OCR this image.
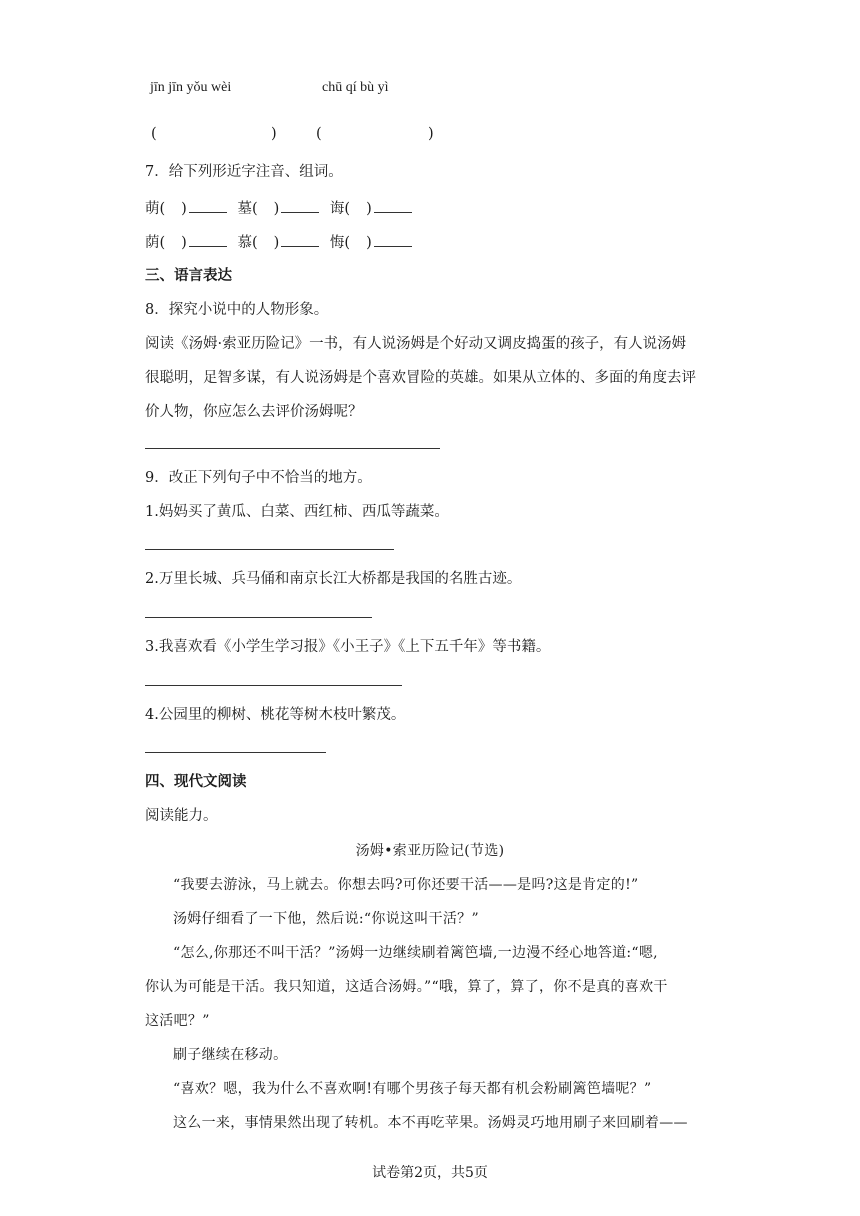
jīn jīn yǒu wèi	chū qí bù yì
(	)	(	)
7．给下列形近字注音、组词。
萌( )	墓( )	诲( )
荫( )	慕( )	悔( )
三、语言表达
8．探究小说中的人物形象。
阅读《汤姆·索亚历险记》一书，有人说汤姆是个好动又调皮捣蛋的孩子，有人说汤姆
很聪明，足智多谋，有人说汤姆是个喜欢冒险的英雄。如果从立体的、多面的角度去评
价人物，你应怎么去评价汤姆呢？
9．改正下列句子中不恰当的地方。
1.妈妈买了黄瓜、白菜、西红柿、西瓜等蔬菜。
2.万里长城、兵马俑和南京长江大桥都是我国的名胜古迹。
3.我喜欢看《小学生学习报》《小王子》《上下五千年》等书籍。
4.公园里的柳树、桃花等树木枝叶繁茂。
四、现代文阅读
阅读能力。
汤姆•索亚历险记(节选)
“我要去游泳，马上就去。你想去吗?可你还要干活——是吗?这是肯定的!”
汤姆仔细看了一下他，然后说:“你说这叫干活？”
“怎么,你那还不叫干活？”汤姆一边继续刷着篱笆墙,一边漫不经心地答道:“嗯,
你认为可能是干活。我只知道，这适合汤姆。”“哦，算了，算了，你不是真的喜欢干
这活吧？”
刷子继续在移动。
“喜欢？嗯，我为什么不喜欢啊!有哪个男孩子每天都有机会粉刷篱笆墙呢？”
这么一来，事情果然出现了转机。本不再吃苹果。汤姆灵巧地用刷子来回刷着——
试卷第2页，共5页
